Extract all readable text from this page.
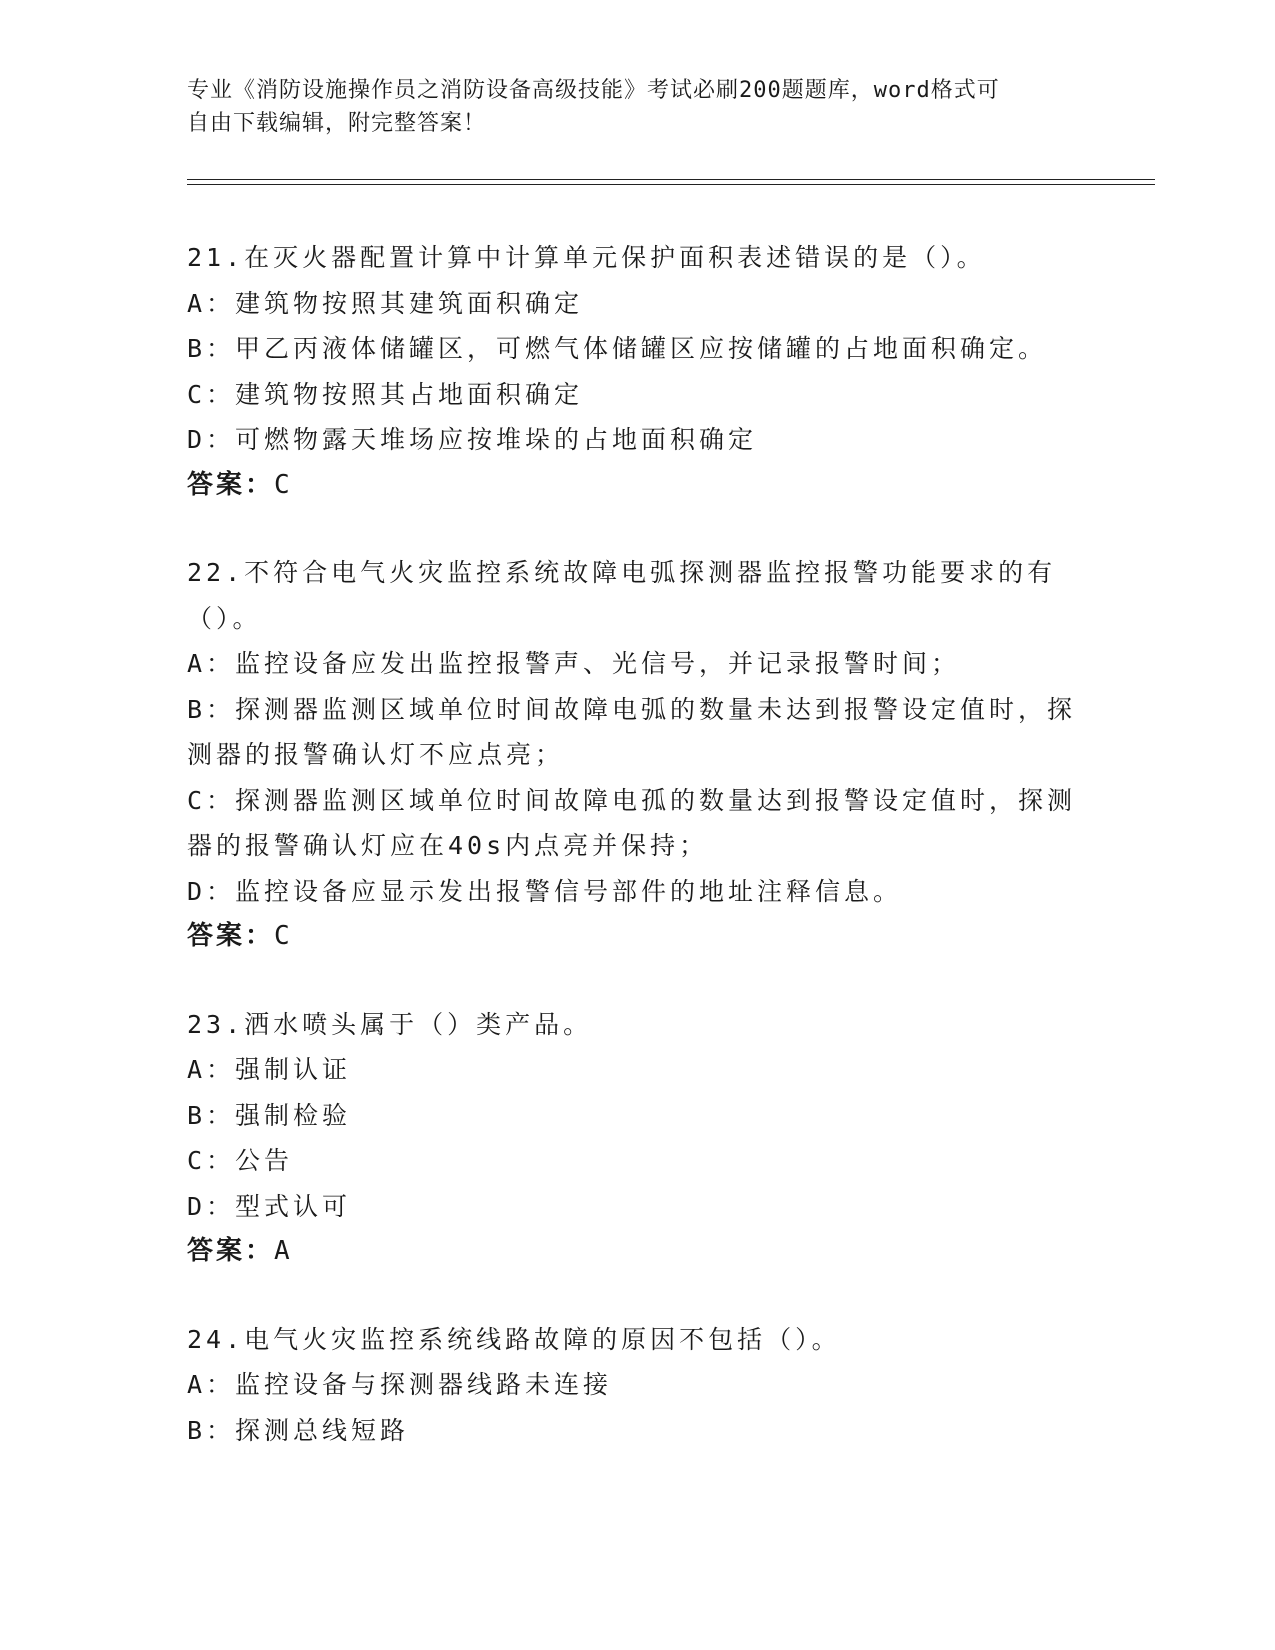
专业《消防设施操作员之消防设备高级技能》考试必刷200题题库，word格式可
自由下载编辑，附完整答案！
21.在灭火器配置计算中计算单元保护面积表述错误的是（）。
A：建筑物按照其建筑面积确定
B：甲乙丙液体储罐区，可燃气体储罐区应按储罐的占地面积确定。
C：建筑物按照其占地面积确定
D：可燃物露天堆场应按堆垛的占地面积确定
答案：C
22.不符合电气火灾监控系统故障电弧探测器监控报警功能要求的有（）。
A：监控设备应发出监控报警声、光信号，并记录报警时间；
B：探测器监测区域单位时间故障电弧的数量未达到报警设定值时，探测器的报警确认灯不应点亮；
C：探测器监测区域单位时间故障电孤的数量达到报警设定值时，探测器的报警确认灯应在40s内点亮并保持；
D：监控设备应显示发出报警信号部件的地址注释信息。
答案：C
23.洒水喷头属于（）类产品。
A：强制认证
B：强制检验
C：公告
D：型式认可
答案：A
24.电气火灾监控系统线路故障的原因不包括（）。
A：监控设备与探测器线路未连接
B：探测总线短路
